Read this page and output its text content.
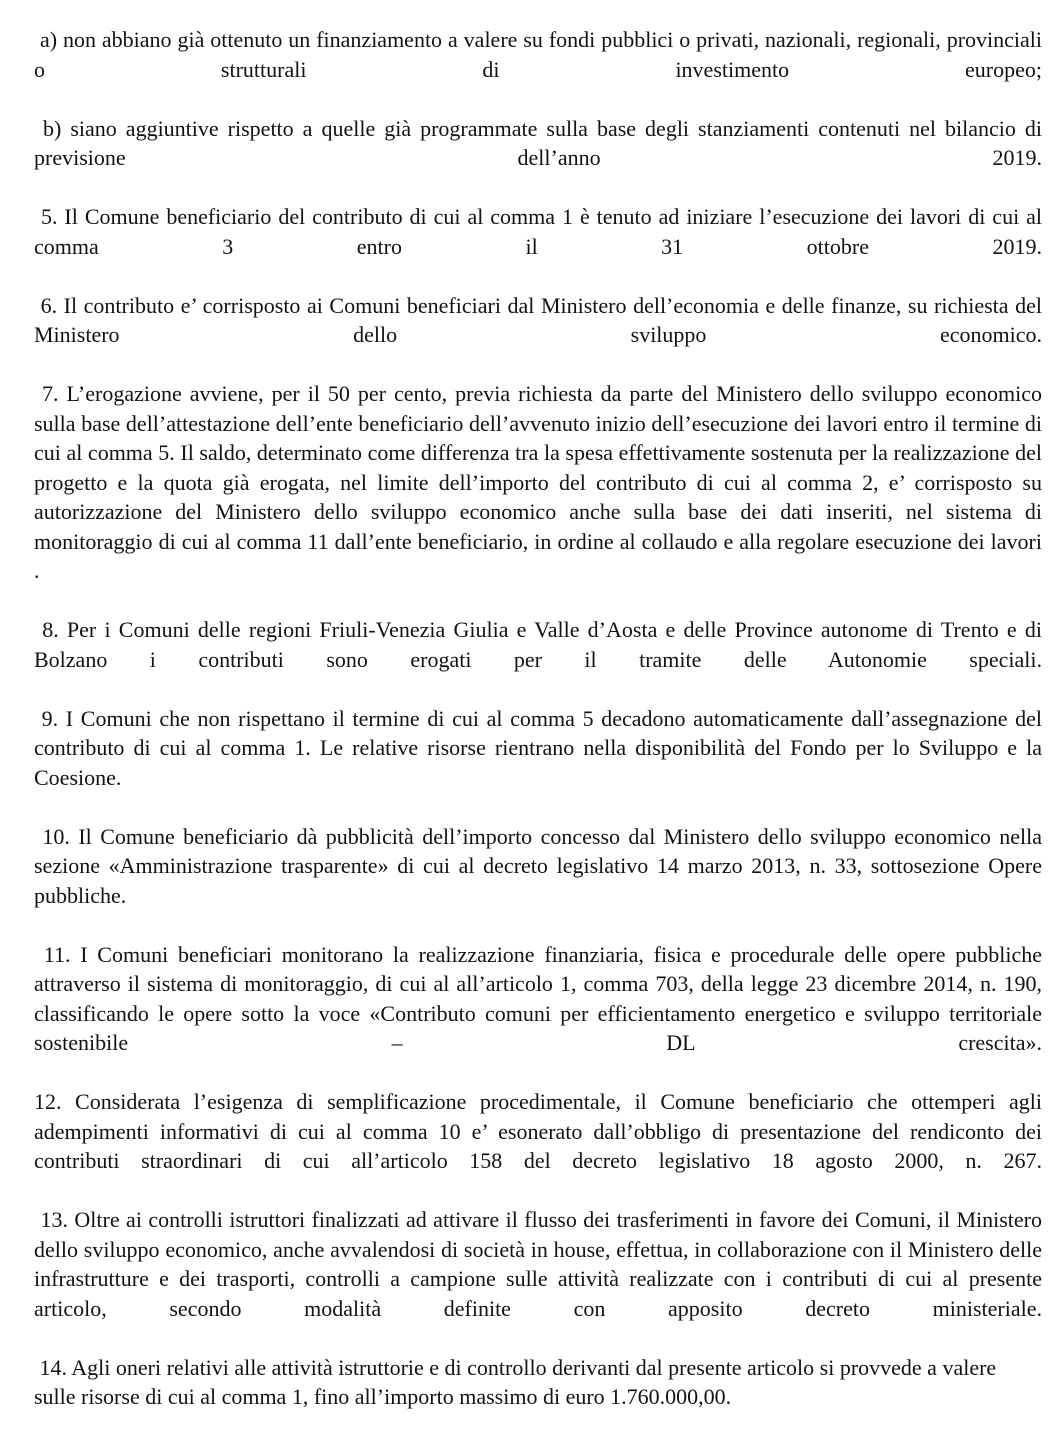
a) non abbiano già ottenuto un finanziamento a valere su fondi pubblici o privati, nazionali, regionali, provinciali o strutturali di investimento europeo;

b) siano aggiuntive rispetto a quelle già programmate sulla base degli stanziamenti contenuti nel bilancio di previsione dell’anno 2019.

5. Il Comune beneficiario del contributo di cui al comma 1 è tenuto ad iniziare l’esecuzione dei lavori di cui al comma 3 entro il 31 ottobre 2019.

6. Il contributo e’ corrisposto ai Comuni beneficiari dal Ministero dell’economia e delle finanze, su richiesta del Ministero dello sviluppo economico.

7. L’erogazione avviene, per il 50 per cento, previa richiesta da parte del Ministero dello sviluppo economico sulla base dell’attestazione dell’ente beneficiario dell’avvenuto inizio dell’esecuzione dei lavori entro il termine di cui al comma 5. Il saldo, determinato come differenza tra la spesa effettivamente sostenuta per la realizzazione del progetto e la quota già erogata, nel limite dell’importo del contributo di cui al comma 2, e’ corrisposto su autorizzazione del Ministero dello sviluppo economico anche sulla base dei dati inseriti, nel sistema di monitoraggio di cui al comma 11 dall’ente beneficiario, in ordine al collaudo e alla regolare esecuzione dei lavori .

8. Per i Comuni delle regioni Friuli-Venezia Giulia e Valle d’Aosta e delle Province autonome di Trento e di Bolzano i contributi sono erogati per il tramite delle Autonomie speciali.

9. I Comuni che non rispettano il termine di cui al comma 5 decadono automaticamente dall’assegnazione del contributo di cui al comma 1. Le relative risorse rientrano nella disponibilità del Fondo per lo Sviluppo e la Coesione.

10. Il Comune beneficiario dà pubblicità dell’importo concesso dal Ministero dello sviluppo economico nella sezione «Amministrazione trasparente» di cui al decreto legislativo 14 marzo 2013, n. 33, sottosezione Opere pubbliche.

11. I Comuni beneficiari monitorano la realizzazione finanziaria, fisica e procedurale delle opere pubbliche attraverso il sistema di monitoraggio, di cui al all’articolo 1, comma 703, della legge 23 dicembre 2014, n. 190, classificando le opere sotto la voce «Contributo comuni per efficientamento energetico e sviluppo territoriale sostenibile – DL crescita».

12. Considerata l’esigenza di semplificazione procedimentale, il Comune beneficiario che ottemperi agli adempimenti informativi di cui al comma 10 e’ esonerato dall’obbligo di presentazione del rendiconto dei contributi straordinari di cui all’articolo 158 del decreto legislativo 18 agosto 2000, n. 267.

13. Oltre ai controlli istruttori finalizzati ad attivare il flusso dei trasferimenti in favore dei Comuni, il Ministero dello sviluppo economico, anche avvalendosi di società in house, effettua, in collaborazione con il Ministero delle infrastrutture e dei trasporti, controlli a campione sulle attività realizzate con i contributi di cui al presente articolo, secondo modalità definite con apposito decreto ministeriale.

14. Agli oneri relativi alle attività istruttorie e di controllo derivanti dal presente articolo si provvede a valere sulle risorse di cui al comma 1, fino all’importo massimo di euro 1.760.000,00.
